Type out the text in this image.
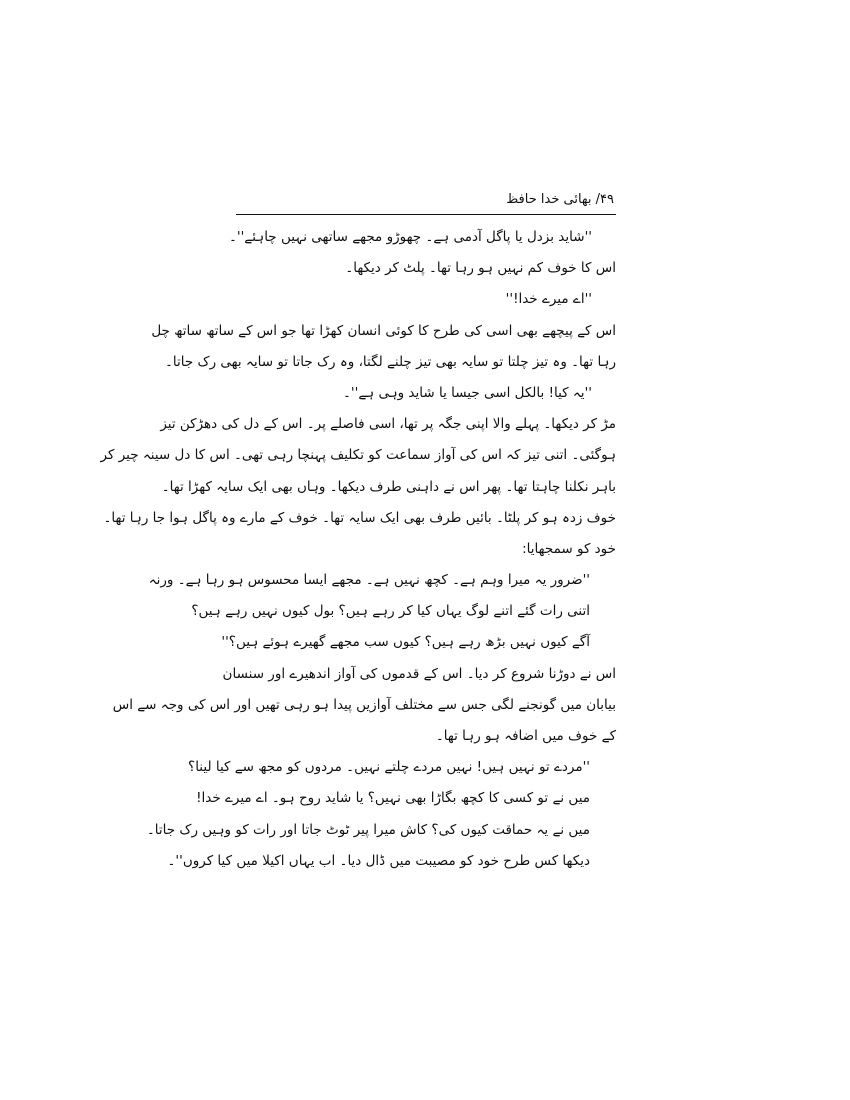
۴۹/ بھائی خدا حافظ
''شاید بزدل یا پاگل آدمی ہے۔ چھوڑو مجھے ساتھی نہیں چاہئے''۔
اس کا خوف کم نہیں ہو رہا تھا۔ پلٹ کر دیکھا۔
''اے میرے خدا!''
اس کے پیچھے بھی اسی کی طرح کا کوئی انسان کھڑا تھا جو اس کے ساتھ ساتھ چل
رہا تھا۔ وہ تیز چلتا تو سایہ بھی تیز چلنے لگتا، وہ رک جاتا تو سایہ بھی رک جاتا۔
''یہ کیا! بالکل اسی جیسا یا شاید وہی ہے''۔
مڑ کر دیکھا۔ پہلے والا اپنی جگہ پر تھا، اسی فاصلے پر۔ اس کے دل کی دھڑکن تیز
ہوگئی۔ اتنی تیز کہ اس کی آواز سماعت کو تکلیف پہنچا رہی تھی۔ اس کا دل سینہ چیر کر
باہر نکلنا چاہتا تھا۔ پھر اس نے داہنی طرف دیکھا۔ وہاں بھی ایک سایہ کھڑا تھا۔
خوف زدہ ہو کر پلٹا۔ بائیں طرف بھی ایک سایہ تھا۔ خوف کے مارے وہ پاگل ہوا جا رہا تھا۔
خود کو سمجھایا:
''ضرور یہ میرا وہم ہے۔ کچھ نہیں ہے۔ مجھے ایسا محسوس ہو رہا ہے۔ ورنہ
اتنی رات گئے اتنے لوگ یہاں کیا کر رہے ہیں؟ بول کیوں نہیں رہے ہیں؟
آگے کیوں نہیں بڑھ رہے ہیں؟ کیوں سب مجھے گھیرے ہوئے ہیں؟''
اس نے دوڑنا شروع کر دیا۔ اس کے قدموں کی آواز اندھیرے اور سنسان
بیابان میں گونجنے لگی جس سے مختلف آوازیں پیدا ہو رہی تھیں اور اس کی وجہ سے اس
کے خوف میں اضافہ ہو رہا تھا۔
''مردے تو نہیں ہیں! نہیں مردے چلتے نہیں۔ مردوں کو مجھ سے کیا لینا؟
میں نے تو کسی کا کچھ بگاڑا بھی نہیں؟ یا شاید روح ہو۔ اے میرے خدا!
میں نے یہ حماقت کیوں کی؟ کاش میرا پیر ٹوٹ جاتا اور رات کو وہیں رک جاتا۔
دیکھا کس طرح خود کو مصیبت میں ڈال دیا۔ اب یہاں اکیلا میں کیا کروں''۔
